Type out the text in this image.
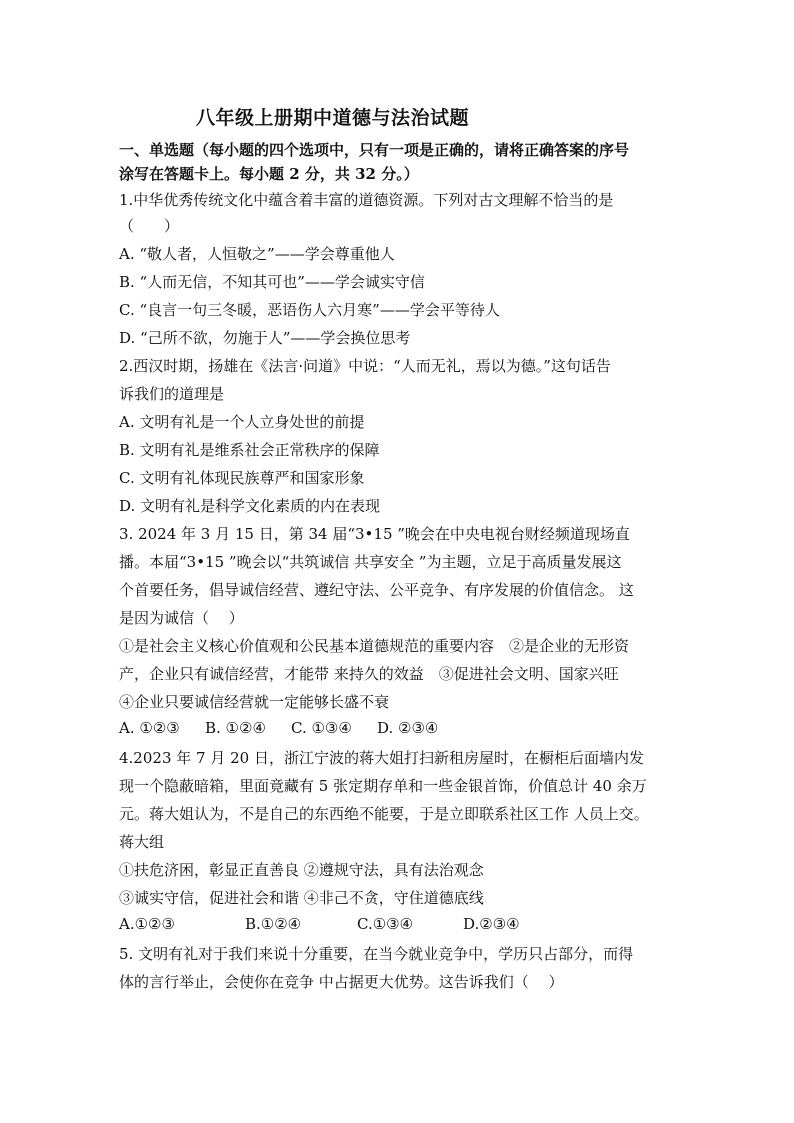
八年级上册期中道德与法治试题
一、单选题（每小题的四个选项中，只有一项是正确的，请将正确答案的序号
涂写在答题卡上。每小题 2 分，共 32 分。）
1.中华优秀传统文化中蕴含着丰富的道德资源。下列对古文理解不恰当的是
（　　）
A. “敬人者，人恒敬之”——学会尊重他人
B. “人而无信，不知其可也”——学会诚实守信
C. “良言一句三冬暖，恶语伤人六月寒”——学会平等待人
D. “己所不欲，勿施于人”——学会换位思考
2.西汉时期，扬雄在《法言·问道》中说：“人而无礼，焉以为德。”这句话告
诉我们的道理是
A. 文明有礼是一个人立身处世的前提
B. 文明有礼是维系社会正常秩序的保障
C. 文明有礼体现民族尊严和国家形象
D. 文明有礼是科学文化素质的内在表现
3. 2024 年 3 月 15 日，第 34 届“3•15 ”晚会在中央电视台财经频道现场直
播。本届“3•15 ”晚会以“共筑诚信 共享安全 ”为主题，立足于高质量发展这
个首要任务，倡导诚信经营、遵纪守法、公平竞争、有序发展的价值信念。 这
是因为诚信（　 ）
①是社会主义核心价值观和公民基本道德规范的重要内容　②是企业的无形资
产，企业只有诚信经营，才能带 来持久的效益　③促进社会文明、国家兴旺
④企业只要诚信经营就一定能够长盛不衰
A. ①②③ B. ①②④ C. ①③④ D. ②③④
4.2023 年 7 月 20 日，浙江宁波的蒋大姐打扫新租房屋时，在橱柜后面墙内发
现一个隐蔽暗箱，里面竟藏有 5 张定期存单和一些金银首饰，价值总计 40 余万
元。蒋大姐认为，不是自己的东西绝不能要，于是立即联系社区工作 人员上交。
蒋大组
①扶危济困，彰显正直善良 ②遵规守法，具有法治观念
③诚实守信，促进社会和谐 ④非己不贪，守住道德底线
A.①②③	B.①②④	C.①③④	D.②③④
5. 文明有礼对于我们来说十分重要，在当今就业竞争中，学历只占部分，而得
体的言行举止，会使你在竞争 中占据更大优势。这告诉我们（　 ）
